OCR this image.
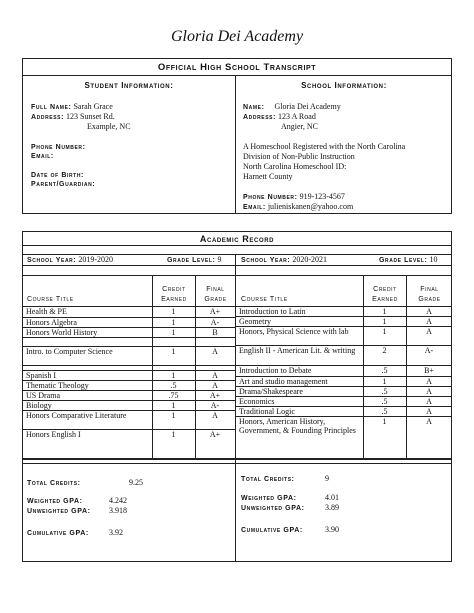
Gloria Dei Academy
Official High School Transcript
Student Information:
Full Name: Sarah Grace
Address: 123 Sunset Rd.
Example, NC
Phone Number:
Email:
Date of Birth:
Parent/Guardian:
School Information:
Name: Gloria Dei Academy
Address: 123 A Road
Angier, NC
A Homeschool Registered with the North Carolina
Division of Non-Public Instruction
North Carolina Homeschool ID:
Harnett County
Phone Number: 919-123-4567
Email: julieniskanen@yahoo.com
Academic Record
School Year: 2019-2020	Grade Level: 9	School Year: 2020-2021	Grade Level: 10
Course Title
Credit
Earned
Final
Grade	Course Title
Credit
Earned
Final
Grade
Health & PE	1	A+
Honors Algebra	1	A-
Honors World History	1	B
Intro. to Computer Science	1	A
Spanish I	1	A
Thematic Theology	.5	A
US Drama	.75	A+
Biology	1	A-
Honors Comparative Literature	1	A
Honors English I	1	A+
Introduction to Latin	1	A
Geometry	1	A
Honors, Physical Science with lab	1	A
English II - American Lit. & writing	2	A-
Introduction to Debate	.5	B+
Art and studio management	1	A
Drama/Shakespeare	.5	A
Economics	.5	A
Traditional Logic	.5	A
Honors, American History, Government, & Founding Principles
1	A
Total Credits:	9.25
Weighted GPA:	4.242
Unweighted GPA: 3.918
Cumulative GPA:	3.92
Total Credits:	9
Weighted GPA:	4.01
Unweighted GPA:	3.89
Cumulative GPA:	3.90
